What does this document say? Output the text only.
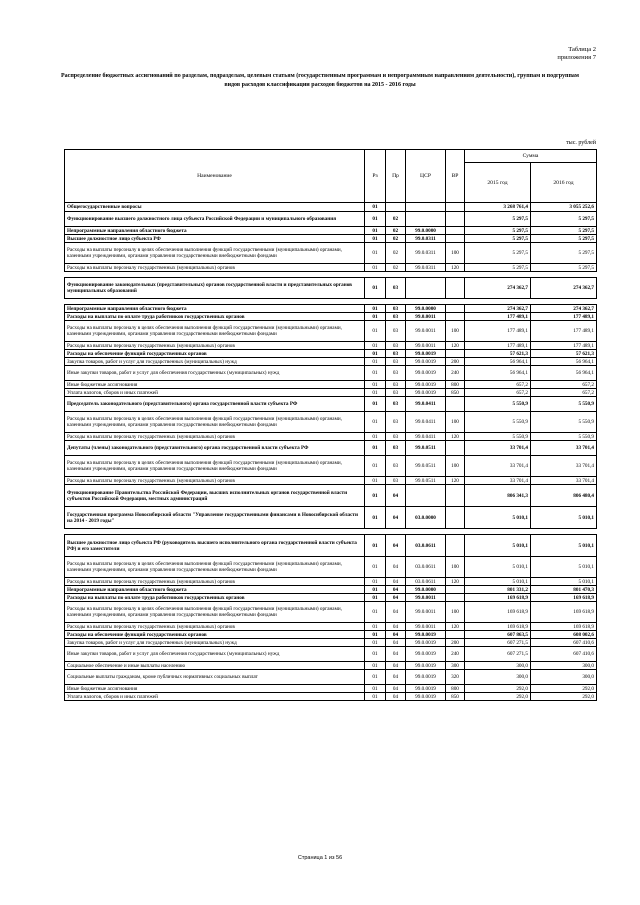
Таблица 2
приложения 7
Распределение бюджетных ассигнований по разделам, подразделам, целевым статьям (государственным программам и непрограммным направлениям деятельности), группам и подгруппам видов расходов классификации расходов бюджетов на 2015 - 2016 годы
тыс. рублей
Наименование	Рз	Пр	ЦСР	ВР	Сумма	
					2015 год	2016 год
Общегосударственные вопросы	01				3 268 761,4	3 055 252,6
Функционирование высшего должностного лица субъекта Российской Федерации и муниципального образования	01	02			5 297,5	5 297,5
Непрограммные направления областного бюджета	01	02	99.0.0000		5 297,5	5 297,5
Высшее должностное лицо субъекта РФ	01	02	99.0.0311		5 297,5	5 297,5
Расходы на выплаты персоналу в целях обеспечения выполнения функций государственными (муниципальными) органами, казенными учреждениями, органами управления государственными внебюджетными фондами	01	02	99.0.0311	100	5 297,5	5 297,5
Расходы на выплаты персоналу государственных (муниципальных) органов	01	02	99.0.0311	120	5 297,5	5 297,5

Функционирование законодательных (представительных) органов государственной власти и представительных органов муниципальных образований	01	03			274 362,7	274 362,7

Непрограммные направления областного бюджета	01	03	99.0.0000		274 362,7	274 362,7
Расходы на выплаты по оплате труда работников государственных органов	01	03	99.0.0011		177 489,1	177 489,1
Расходы на выплаты персоналу в целях обеспечения выполнения функций государственными (муниципальными) органами, казенными учреждениями, органами управления государственными внебюджетными фондами	01	03	99.0.0011	100	177 489,1	177 489,1
Расходы на выплаты персоналу государственных (муниципальных) органов	01	03	99.0.0011	120	177 489,1	177 489,1
Расходы на обеспечение функций государственных органов	01	03	99.0.0019		57 621,3	57 621,3
Закупка товаров, работ и услуг для государственных (муниципальных) нужд	01	03	99.0.0019	200	56 964,1	56 964,1
Иные закупки товаров, работ и услуг для обеспечения государственных (муниципальных) нужд	01	03	99.0.0019	240	56 964,1	56 964,1
Иные бюджетные ассигнования	01	03	99.0.0019	800	657,2	657,2
Уплата налогов, сборов и иных платежей	01	03	99.0.0019	850	657,2	657,2
Председатель законодательного (представительного) органа государственной власти субъекта РФ	01	03	99.0.0411		5 550,9	5 550,9
Расходы на выплаты персоналу в целях обеспечения выполнения функций государственными (муниципальными) органами, казенными учреждениями, органами управления государственными внебюджетными фондами	01	03	99.0.0411	100	5 550,9	5 550,9
Расходы на выплаты персоналу государственных (муниципальных) органов	01	03	99.0.0411	120	5 550,9	5 550,9
Депутаты (члены) законодательного (представительного) органа государственной власти субъекта РФ	01	03	99.0.0511		33 701,4	33 701,4
Расходы на выплаты персоналу в целях обеспечения выполнения функций государственными (муниципальными) органами, казенными учреждениями, органами управления государственными внебюджетными фондами	01	03	99.0.0511	100	33 701,4	33 701,4
Расходы на выплаты персоналу государственных (муниципальных) органов	01	03	99.0.0511	120	33 701,4	33 701,4
Функционирование Правительства Российской Федерации, высших исполнительных органов государственной власти субъектов Российской Федерации, местных администраций	01	04			806 341,3	806 480,4
Государственная программа Новосибирской области "Управление государственными финансами в Новосибирской области на 2014 - 2019 годы"	01	04	03.0.0000		5 010,1	5 010,1

Высшее должностное лицо субъекта РФ (руководитель высшего исполнительного органа государственной власти субъекта РФ) и его заместители	01	04	03.0.0611		5 010,1	5 010,1
Расходы на выплаты персоналу в целях обеспечения выполнения функций государственными (муниципальными) органами, казенными учреждениями, органами управления государственными внебюджетными фондами	01	04	03.0.0611	100	5 010,1	5 010,1
Расходы на выплаты персоналу государственных (муниципальных) органов	01	04	03.0.0611	120	5 010,1	5 010,1
Непрограммные направления областного бюджета	01	04	99.0.0000		801 331,2	801 470,3
Расходы на выплаты по оплате труда работников государственных органов	01	04	99.0.0011		169 618,9	169 618,9
Расходы на выплаты персоналу в целях обеспечения выполнения функций государственными (муниципальными) органами, казенными учреждениями, органами управления государственными внебюджетными фондами	01	04	99.0.0011	100	169 618,9	169 618,9
Расходы на выплаты персоналу государственных (муниципальных) органов	01	04	99.0.0011	120	169 618,9	169 618,9
Расходы на обеспечение функций государственных органов	01	04	99.0.0019		607 863,5	608 002,6
Закупка товаров, работ и услуг для государственных (муниципальных) нужд	01	04	99.0.0019	200	607 271,5	607 410,6
Иные закупки товаров, работ и услуг для обеспечения государственных (муниципальных) нужд	01	04	99.0.0019	240	607 271,5	607 410,6
Социальное обеспечение и иные выплаты населению	01	04	99.0.0019	300	300,0	300,0
Социальные выплаты гражданам, кроме публичных нормативных социальных выплат	01	04	99.0.0019	320	300,0	300,0
Иные бюджетные ассигнования	01	04	99.0.0019	800	292,0	292,0
Уплата налогов, сборов и иных платежей	01	04	99.0.0019	850	292,0	292,0
Страница 1 из 56
